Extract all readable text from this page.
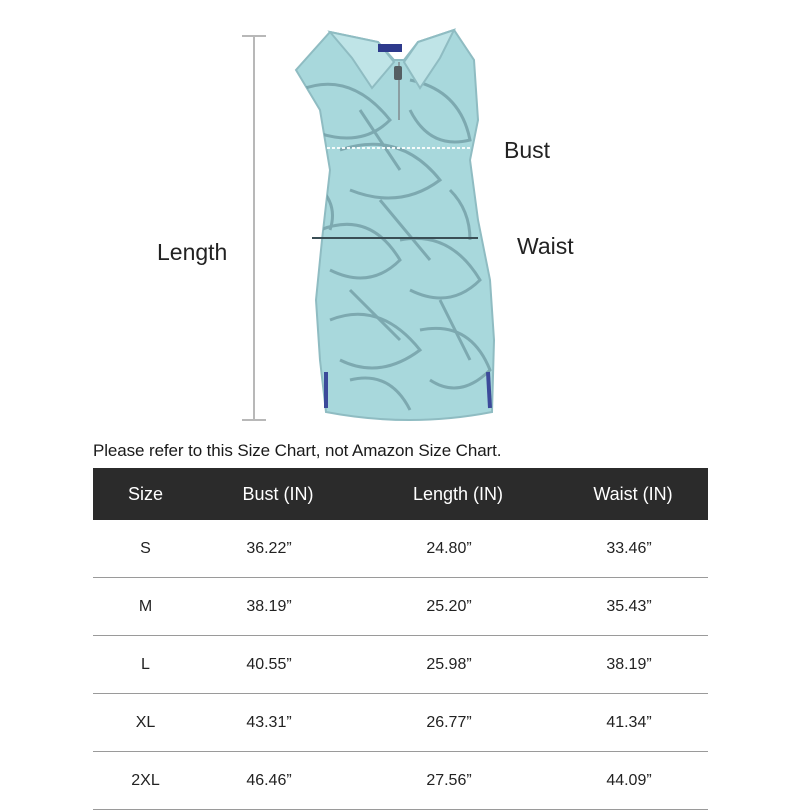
Bust
Waist
Length
Please refer to this Size Chart, not Amazon Size Chart.
Size	Bust (IN)	Length (IN)	Waist (IN)
S	36.22”	24.80”	33.46”
M	38.19”	25.20”	35.43”
L	40.55”	25.98”	38.19”
XL	43.31”	26.77”	41.34”
2XL	46.46”	27.56”	44.09”
